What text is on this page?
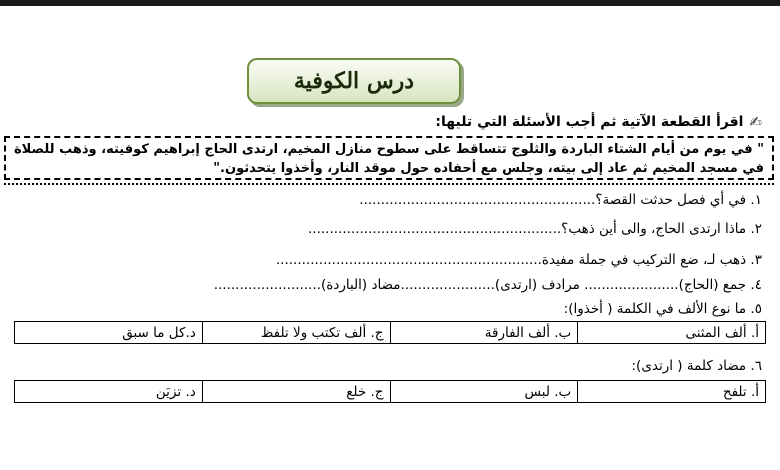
درس الكوفية
✍
اقرأ القطعة الآتية ثم أجب الأسئلة التي تليها:
" في يوم من أيام الشتاء الباردة والثلوج تتساقط على سطوح منازل المخيم، ارتدى الحاج إبراهيم كوفيته، وذهب للصلاة في مسجد المخيم ثم عاد إلى بيته، وجلس مع أحفاده حول موقد النار، وأخذوا يتحدثون."
١. في أي فصل حدثت القصة؟.......................................................
٢. ماذا ارتدى الحاج، والى أين ذهب؟...........................................................
٣. ذهب لـ، ضع التركيب في جملة مفيدة..............................................................
٤. جمع (الحاج)...................... مرادف (ارتدى)......................مضاد (الباردة).........................
٥. ما نوع الألف في الكلمة ( أخذوا):
أ. ألف المثنى	ب. ألف الفارقة	ج. ألف تكتب ولا تلفظ	د.كل ما سبق
٦. مضاد كلمة ( ارتدى):
أ. تلفح	ب. لبس	ج. خلع	د. تزيَن
